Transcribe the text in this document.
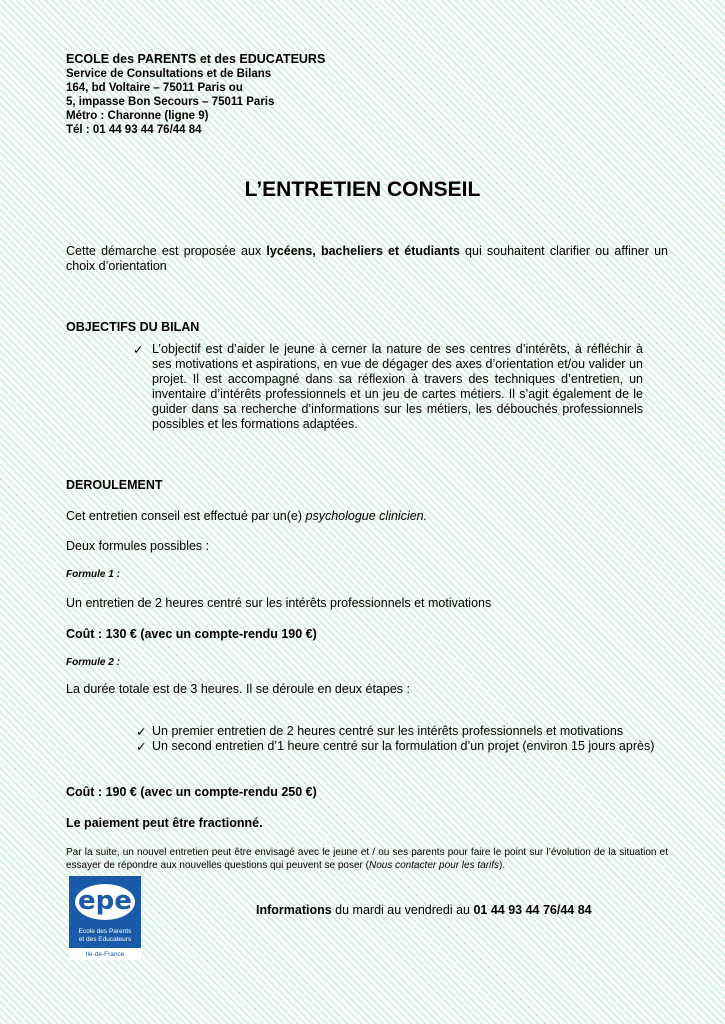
ECOLE des PARENTS et des EDUCATEURS
Service de Consultations et de Bilans
164, bd Voltaire – 75011 Paris ou
5, impasse Bon Secours – 75011 Paris
Métro : Charonne (ligne 9)
Tél : 01 44 93 44 76/44 84
L’ENTRETIEN CONSEIL
Cette démarche est proposée aux lycéens, bacheliers et étudiants qui souhaitent clarifier ou affiner un choix d’orientation
OBJECTIFS DU BILAN
✓ L’objectif est d’aider le jeune à cerner la nature de ses centres d’intérêts, à réfléchir à ses motivations et aspirations, en vue de dégager des axes d’orientation et/ou valider un projet. Il est accompagné dans sa réflexion à travers des techniques d’entretien, un inventaire d’intérêts professionnels et un jeu de cartes métiers. Il s’agit également de le guider dans sa recherche d’informations sur les métiers, les débouchés professionnels possibles et les formations adaptées.
DEROULEMENT
Cet entretien conseil est effectué par un(e) psychologue clinicien.
Deux formules possibles :
Formule 1 :
Un entretien de 2 heures centré sur les intérêts professionnels et motivations
Coût : 130 € (avec un compte-rendu 190 €)
Formule 2 :
La durée totale est de 3 heures. Il se déroule en deux étapes :
✓ Un premier entretien de 2 heures centré sur les intérêts professionnels et motivations
✓ Un second entretien d’1 heure centré sur la formulation d’un projet (environ 15 jours après)
Coût : 190 € (avec un compte-rendu 250 €)
Le paiement peut être fractionné.
Par la suite, un nouvel entretien peut être envisagé avec le jeune et / ou ses parents pour faire le point sur l’évolution de la situation et essayer de répondre aux nouvelles questions qui peuvent se poser (Nous contacter pour les tarifs).
epe
Ecole des Parents
et des Educateurs
Ile-de-France
Informations du mardi au vendredi au 01 44 93 44 76/44 84
